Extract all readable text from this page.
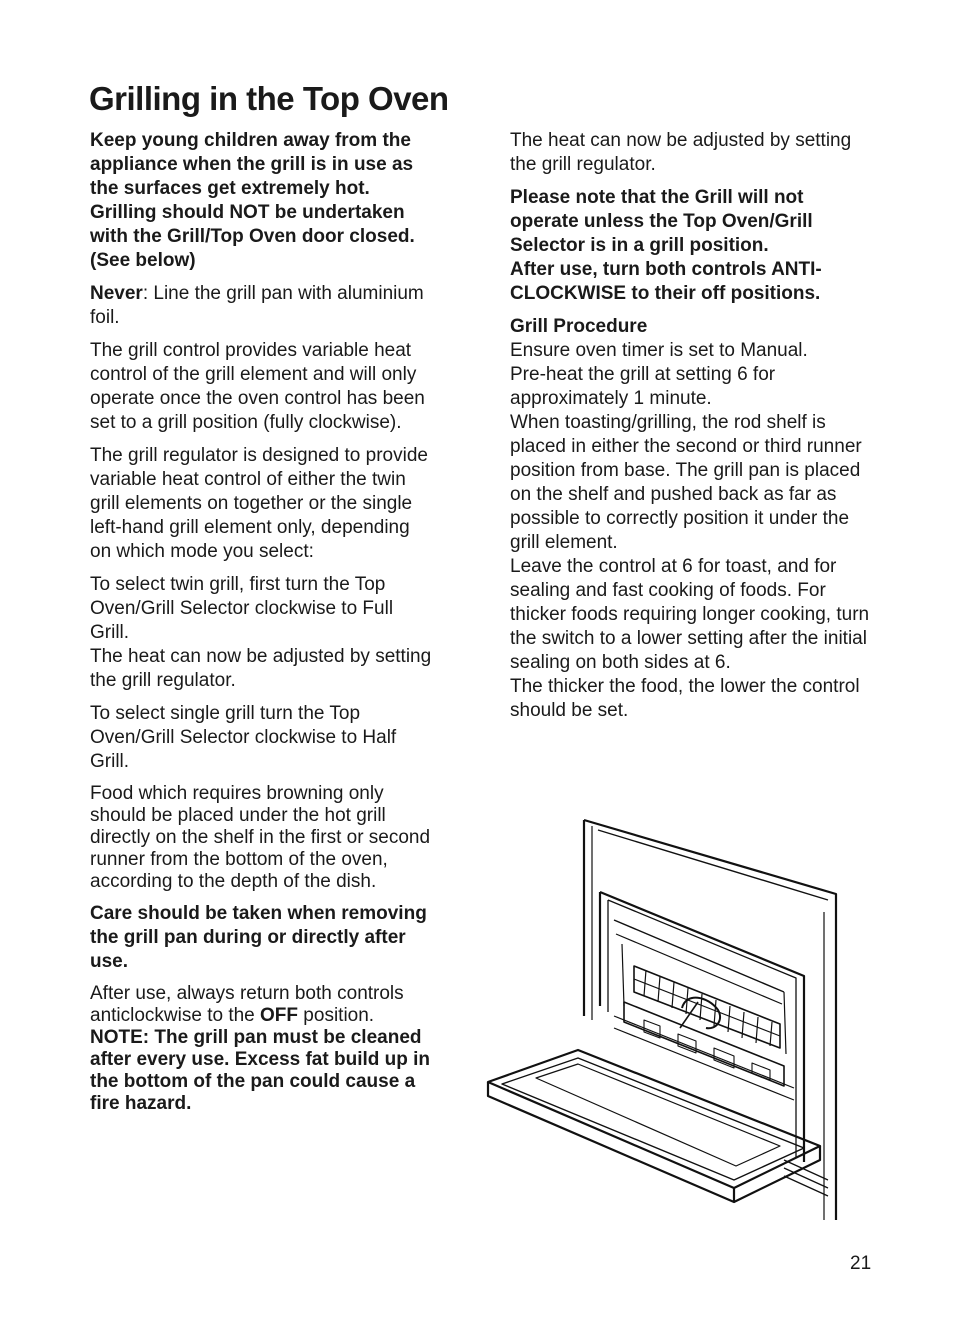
Grilling in the Top Oven

Keep young children away from the appliance when the grill is in use as the surfaces get extremely hot.
Grilling should NOT be undertaken with the Grill/Top Oven door closed. (See below)

Never: Line the grill pan with aluminium foil.

The grill control provides variable heat control of the grill element and will only operate once the oven control has been set to a grill position (fully clockwise).

The grill regulator is designed to provide variable heat control of either the twin grill elements on together or the single left-hand grill element only, depending on which mode you select:

To select twin grill, first turn the Top Oven/Grill Selector clockwise to Full Grill.
The heat can now be adjusted by setting the grill regulator.

To select single grill turn the Top Oven/Grill Selector clockwise to Half Grill.

Food which requires browning only should be placed under the hot grill directly on the shelf in the first or second runner from the bottom of the oven, according to the depth of the dish.

Care should be taken when removing the grill pan during or directly after use.

After use, always return both controls anticlockwise to the OFF position.
NOTE: The grill pan must be cleaned after every use. Excess fat build up in the bottom of the pan could cause a fire hazard.

The heat can now be adjusted by setting the grill regulator.

Please note that the Grill will not operate unless the Top Oven/Grill Selector is in a grill position.
After use, turn both controls ANTI-CLOCKWISE to their off positions.

Grill Procedure
Ensure oven timer is set to Manual.
Pre-heat the grill at setting 6 for approximately 1 minute.
When toasting/grilling, the rod shelf is placed in either the second or third runner position from base. The grill pan is placed on the shelf and pushed back as far as possible to correctly position it under the grill element.
Leave the control at 6 for toast, and for sealing and fast cooking of foods. For thicker foods requiring longer cooking, turn the switch to a lower setting after the initial sealing on both sides at 6.
The thicker the food, the lower the control should be set.

21
